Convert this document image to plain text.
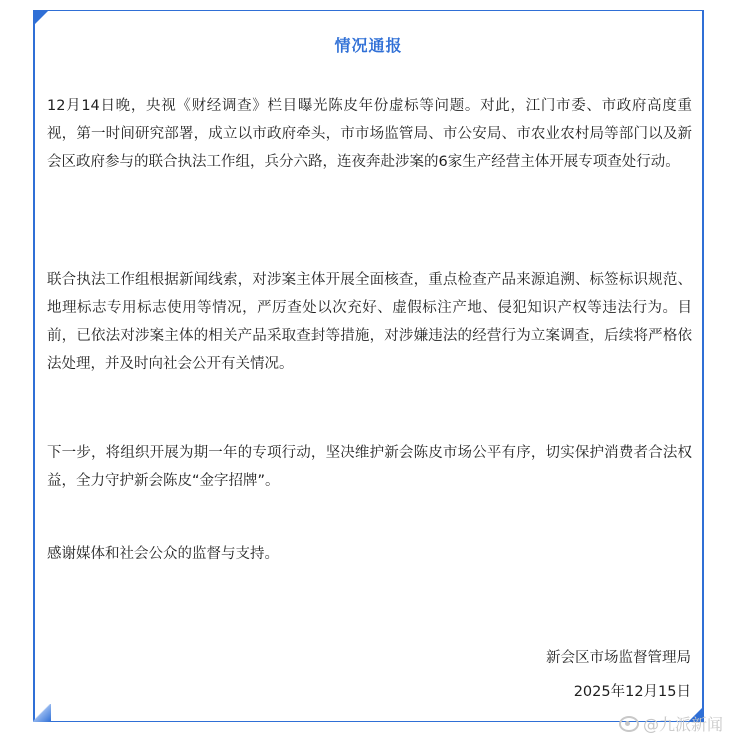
情况通报

12月14日晚，央视《财经调查》栏目曝光陈皮年份虚标等问题。对此，江门市委、市政府高度重视，第一时间研究部署，成立以市政府牵头，市市场监管局、市公安局、市农业农村局等部门以及新会区政府参与的联合执法工作组，兵分六路，连夜奔赴涉案的6家生产经营主体开展专项查处行动。

联合执法工作组根据新闻线索，对涉案主体开展全面核查，重点检查产品来源追溯、标签标识规范、地理标志专用标志使用等情况，严厉查处以次充好、虚假标注产地、侵犯知识产权等违法行为。目前，已依法对涉案主体的相关产品采取查封等措施，对涉嫌违法的经营行为立案调查，后续将严格依法处理，并及时向社会公开有关情况。

下一步，将组织开展为期一年的专项行动，坚决维护新会陈皮市场公平有序，切实保护消费者合法权益，全力守护新会陈皮“金字招牌”。

感谢媒体和社会公众的监督与支持。

新会区市场监督管理局
2025年12月15日
@九派新闻
